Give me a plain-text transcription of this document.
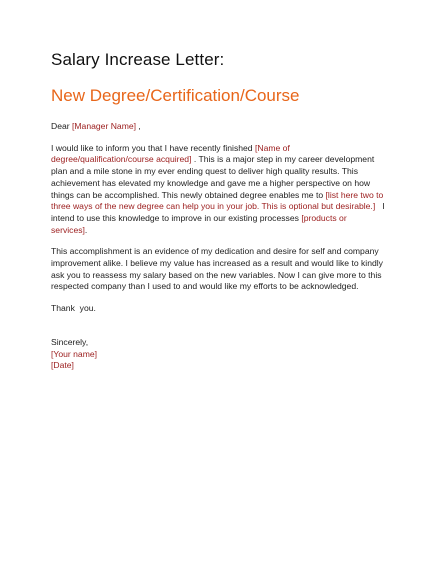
Salary Increase Letter:
New Degree/Certification/Course

Dear [Manager Name] ,

I would like to inform you that I have recently finished [Name of
degree/qualification/course acquired] . This is a major step in my career development
plan and a mile stone in my ever ending quest to deliver high quality results. This
achievement has elevated my knowledge and gave me a higher perspective on how
things can be accomplished. This newly obtained degree enables me to [list here two to
three ways of the new degree can help you in your job. This is optional but desirable.]   I
intend to use this knowledge to improve in our existing processes [products or
services].

This accomplishment is an evidence of my dedication and desire for self and company
improvement alike. I believe my value has increased as a result and would like to kindly
ask you to reassess my salary based on the new variables. Now I can give more to this
respected company than I used to and would like my efforts to be acknowledged.

Thank  you.

Sincerely,

[Your name]

[Date]
